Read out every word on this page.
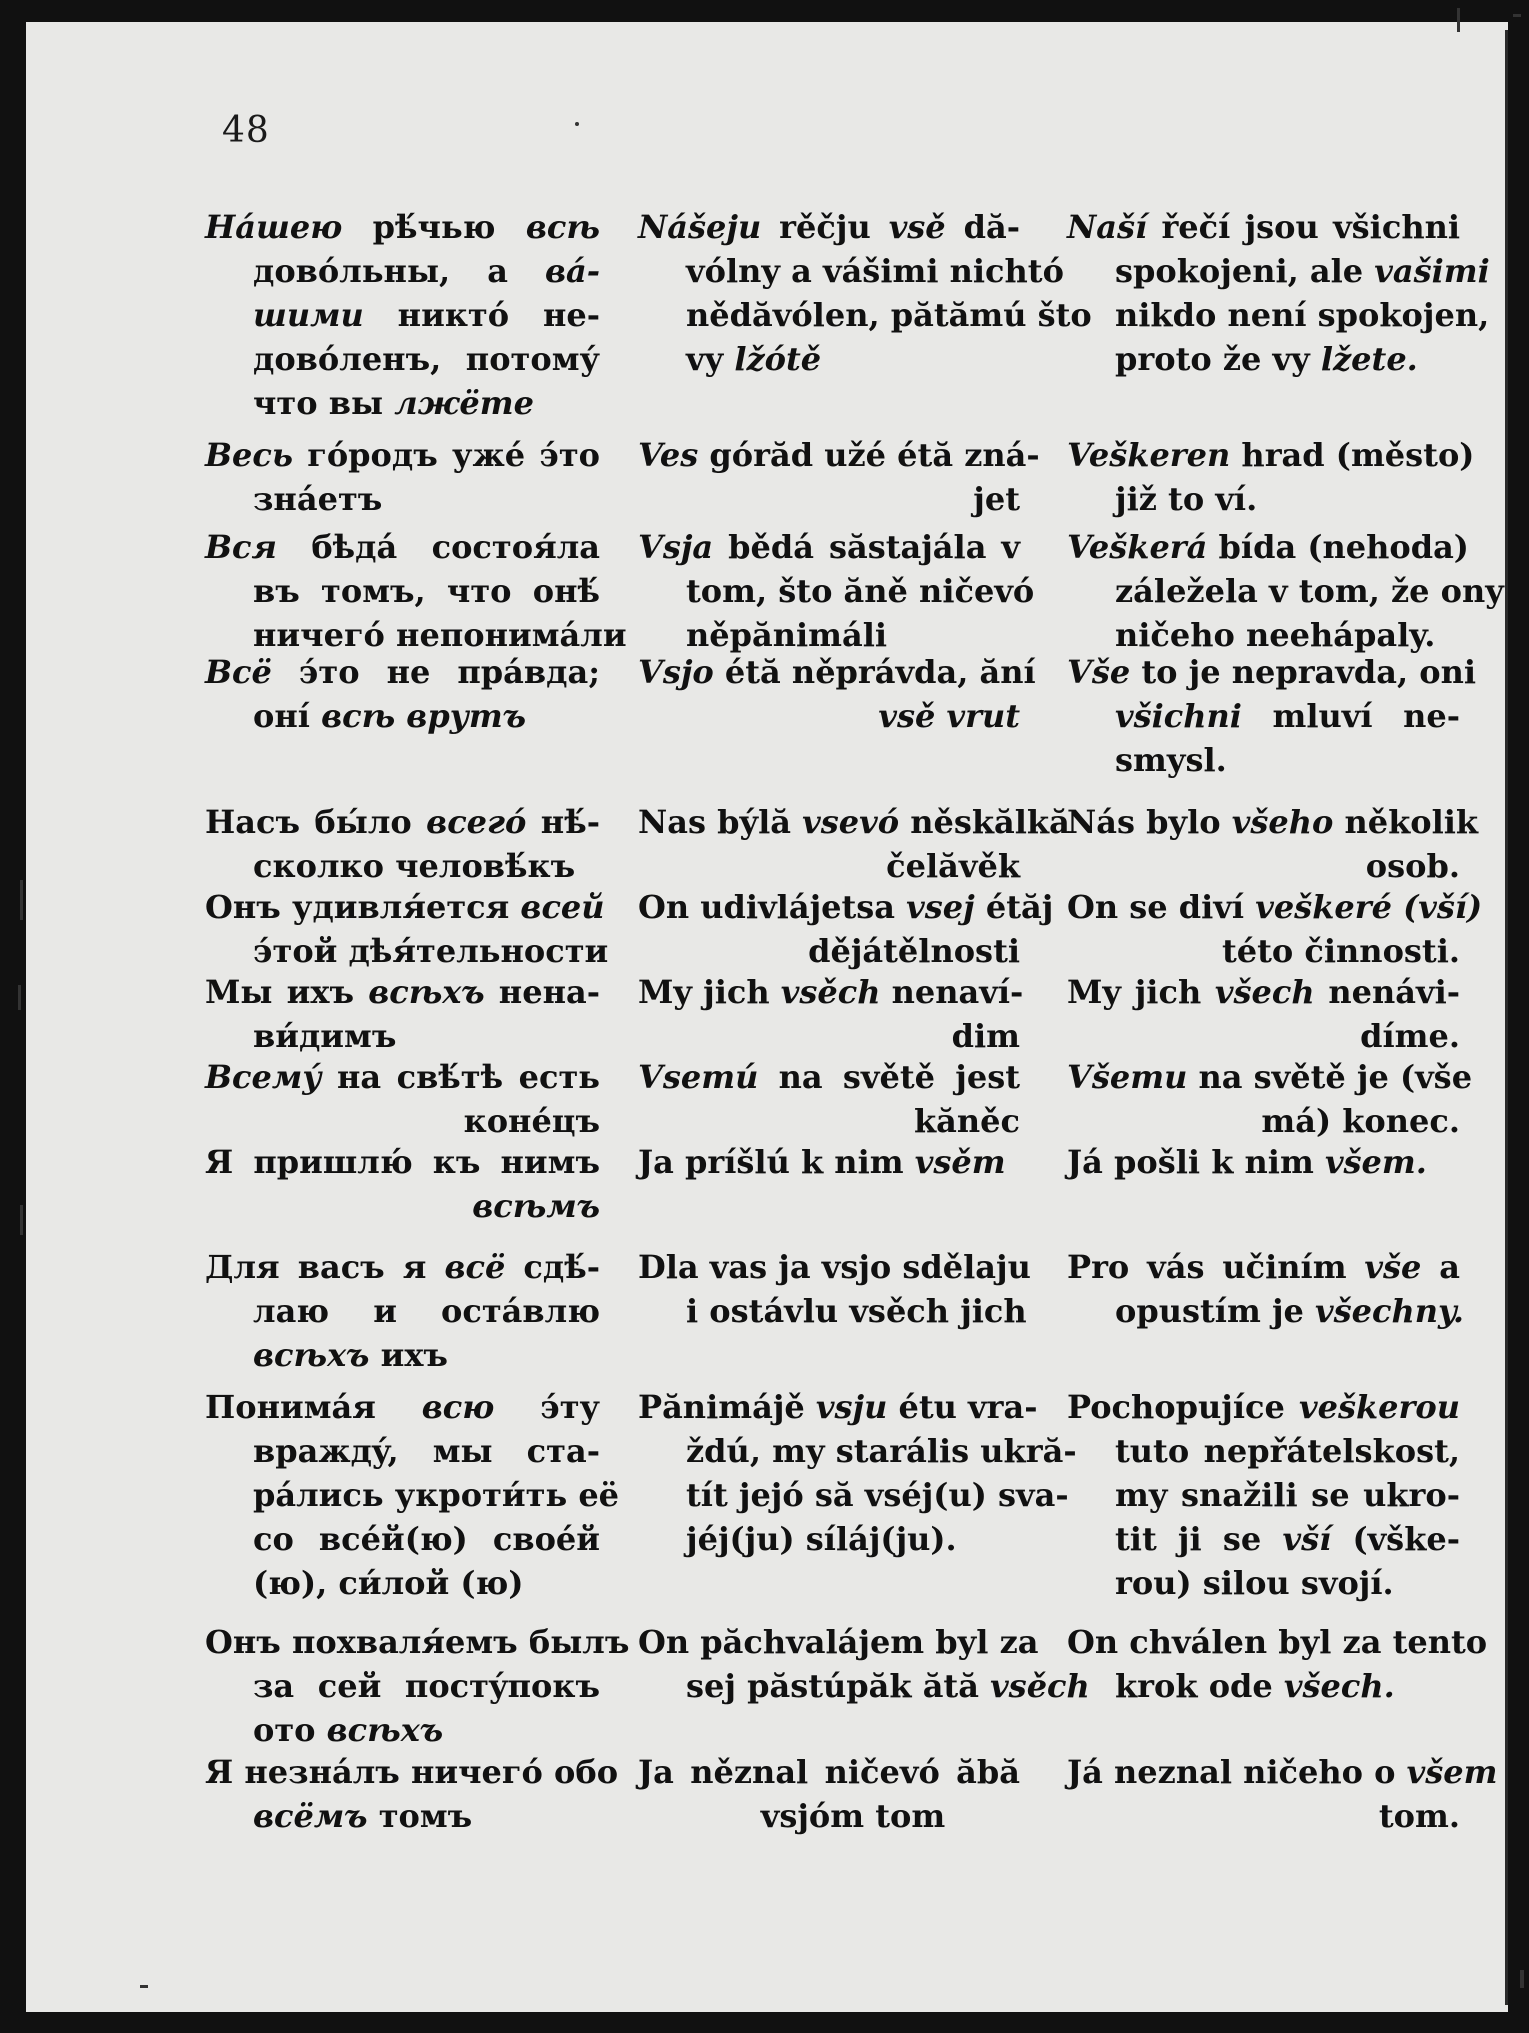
48
Нáшею рѣ́чью всѣ
довóльны, а вá-
шими никтó не-
довóленъ, потому́
что вы лжёте
Nášeju rěčju vsě dă-
vólny a vášimi nichtó
nědăvólen, pătămú što
vy lžótě
Naší řečí jsou všichni
spokojeni, ale vašimi
nikdo není spokojen,
proto že vy lžete.
Весь гóродъ ужé э́то
знáетъ
Ves górăd užé étă zná-
jet
Veškeren hrad (město)
již to ví.
Вся бѣдá состоя́ла
въ томъ, что онѣ́
ничегó непонимáли
Vsja bědá săstajála v
tom, što ăně ničevó
něpănimáli
Veškerá bída (nehoda)
záležela v tom, že ony
ničeho neehápaly.
Всё э́то не прáвда;
оні́ всѣ врутъ
Vsjo étă něprávda, ăní
vsě vrut
Vše to je nepravda, oni
všichni mluví ne-
smysl.
Насъ бы́ло всегó нѣ́-
сколко человѣ́къ
Nas býlă vsevó něskălkă
čelăvěk
Nás bylo všeho několik
osob.
Онъ удивля́ется всей
э́той дѣя́тельности
On udivlájetsa vsej étăj
dějátělnosti
On se diví veškeré (vší)
této činnosti.
Мы ихъ всѣхъ нена-
ви́димъ
My jich vsěch nenaví-
dim
My jich všech nenávi-
díme.
Всему́ на свѣ́тѣ есть
конéцъ
Vsemú na světě jest
kăněc
Všemu na světě je (vše
má) konec.
Я пришлю́ къ нимъ
всѣмъ
Ja príšlú k nim vsěm	Já pošli k nim všem.
Для васъ я всё сдѣ́-
лаю и остáвлю
всѣхъ ихъ
Dla vas ja vsjo sdělaju
i ostávlu vsěch jich
Pro vás učiním vše a
opustím je všechny.
Понимáя всю э́ту
враждý, мы ста-
рáлись укроти́ть её
со всéй(ю) своéй
(ю), си́лой (ю)
Pănimájě vsju étu vra-
ždú, my starális ukră-
tít jejó să vséj(u) sva-
jéj(ju) síláj(ju).
Pochopujíce veškerou
tuto nepřátelskost,
my snažili se ukro-
tit ji se vší (vške-
rou) silou svojí.
Онъ похваля́емъ былъ
за сей постýпокъ
ото всѣхъ
On păchvalájem byl za
sej păstúpăk ătă vsěch
On chválen byl za tento
krok ode všech.
Я незнáлъ ничегó обо
всёмъ томъ
Ja něznal ničevó ăbă
vsjóm tom
Já neznal ničeho o všem
tom.
